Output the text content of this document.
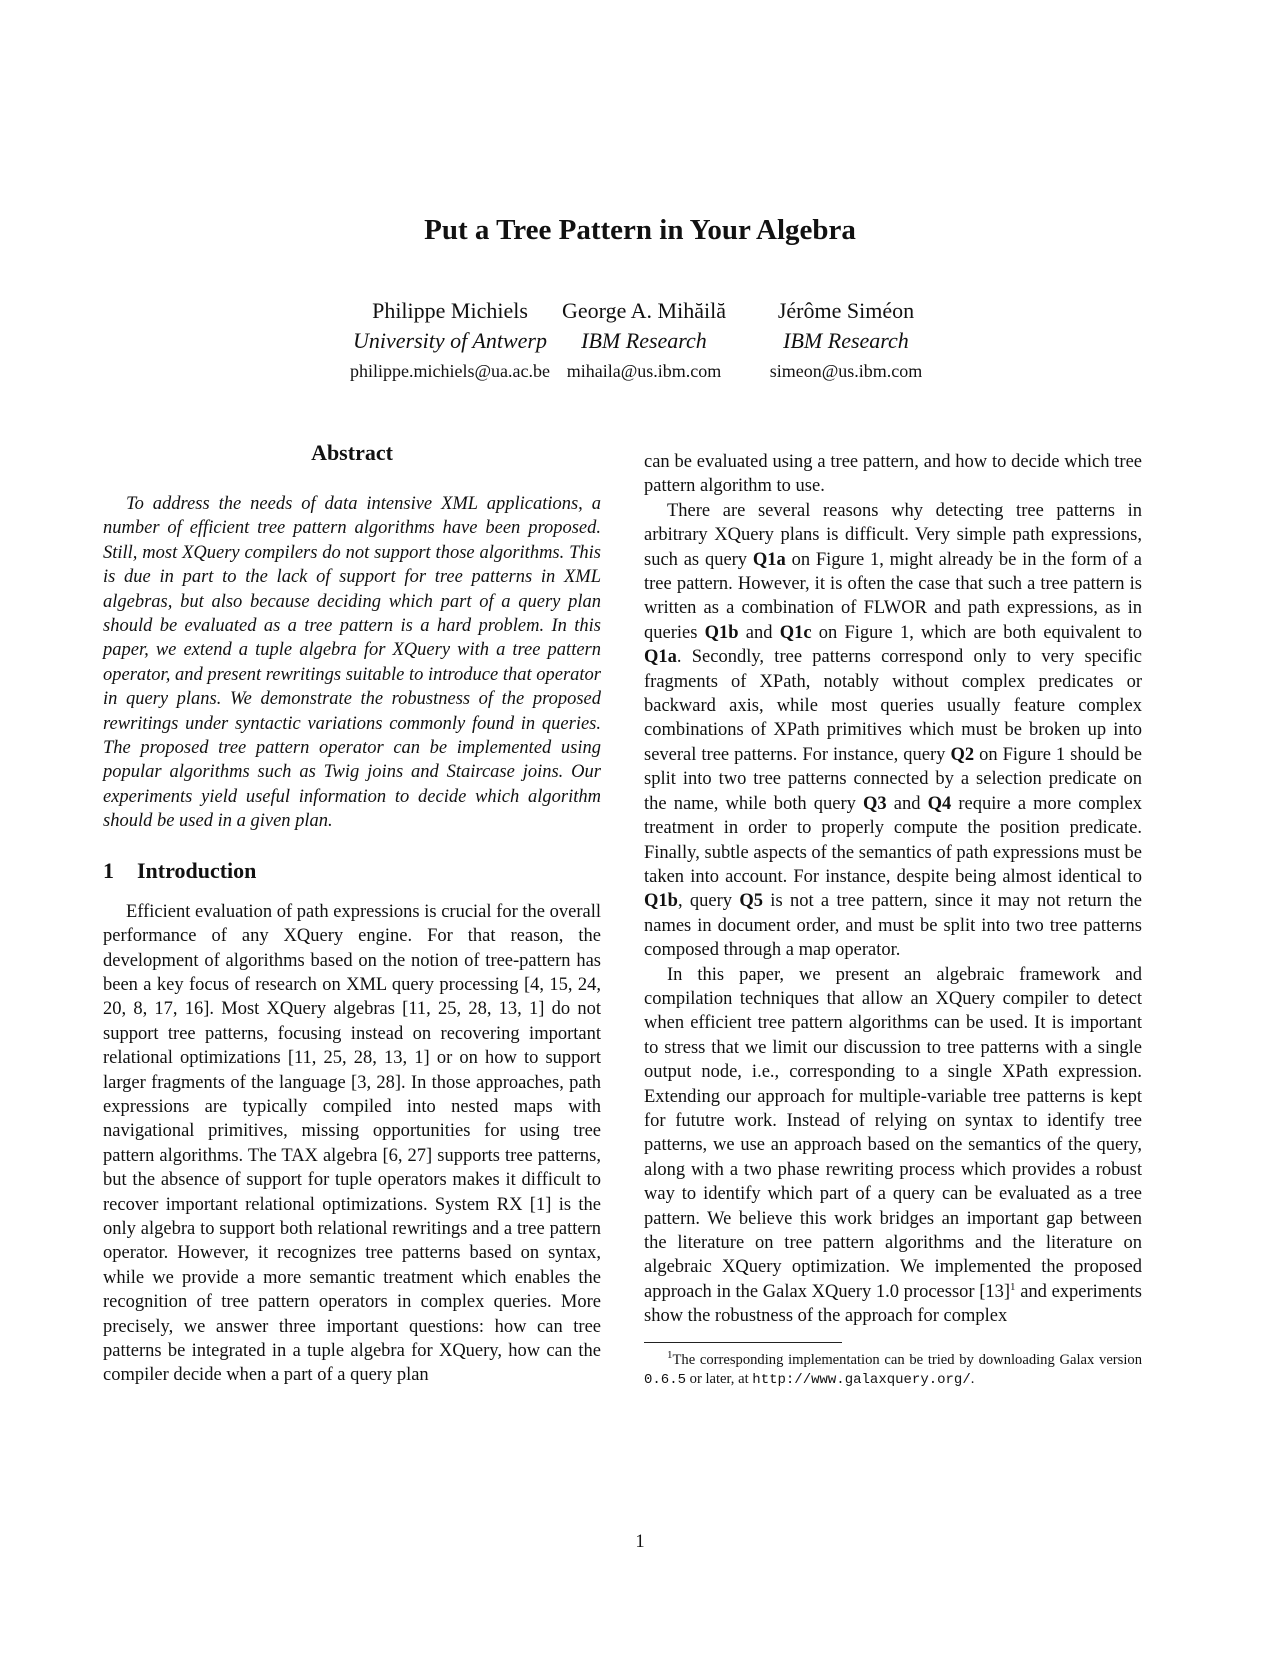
Put a Tree Pattern in Your Algebra
Philippe Michiels
University of Antwerp
philippe.michiels@ua.ac.be
George A. Mihăilă
IBM Research
mihaila@us.ibm.com
Jérôme Siméon
IBM Research
simeon@us.ibm.com
Abstract

To address the needs of data intensive XML applications, a number of efficient tree pattern algorithms have been proposed. Still, most XQuery compilers do not support those algorithms. This is due in part to the lack of support for tree patterns in XML algebras, but also because deciding which part of a query plan should be evaluated as a tree pattern is a hard problem. In this paper, we extend a tuple algebra for XQuery with a tree pattern operator, and present rewritings suitable to introduce that operator in query plans. We demonstrate the robustness of the proposed rewritings under syntactic variations commonly found in queries. The proposed tree pattern operator can be implemented using popular algorithms such as Twig joins and Staircase joins. Our experiments yield useful information to decide which algorithm should be used in a given plan.

1 Introduction

Efficient evaluation of path expressions is crucial for the overall performance of any XQuery engine. For that reason, the development of algorithms based on the notion of tree-pattern has been a key focus of research on XML query processing [4, 15, 24, 20, 8, 17, 16]. Most XQuery algebras [11, 25, 28, 13, 1] do not support tree patterns, focusing instead on recovering important relational optimizations [11, 25, 28, 13, 1] or on how to support larger fragments of the language [3, 28]. In those approaches, path expressions are typically compiled into nested maps with navigational primitives, missing opportunities for using tree pattern algorithms. The TAX algebra [6, 27] supports tree patterns, but the absence of support for tuple operators makes it difficult to recover important relational optimizations. System RX [1] is the only algebra to support both relational rewritings and a tree pattern operator. However, it recognizes tree patterns based on syntax, while we provide a more semantic treatment which enables the recognition of tree pattern operators in complex queries. More precisely, we answer three important questions: how can tree patterns be integrated in a tuple algebra for XQuery, how can the compiler decide when a part of a query plan

can be evaluated using a tree pattern, and how to decide which tree pattern algorithm to use.

There are several reasons why detecting tree patterns in arbitrary XQuery plans is difficult. Very simple path expressions, such as query Q1a on Figure 1, might already be in the form of a tree pattern. However, it is often the case that such a tree pattern is written as a combination of FLWOR and path expressions, as in queries Q1b and Q1c on Figure 1, which are both equivalent to Q1a. Secondly, tree patterns correspond only to very specific fragments of XPath, notably without complex predicates or backward axis, while most queries usually feature complex combinations of XPath primitives which must be broken up into several tree patterns. For instance, query Q2 on Figure 1 should be split into two tree patterns connected by a selection predicate on the name, while both query Q3 and Q4 require a more complex treatment in order to properly compute the position predicate. Finally, subtle aspects of the semantics of path expressions must be taken into account. For instance, despite being almost identical to Q1b, query Q5 is not a tree pattern, since it may not return the names in document order, and must be split into two tree patterns composed through a map operator.

In this paper, we present an algebraic framework and compilation techniques that allow an XQuery compiler to detect when efficient tree pattern algorithms can be used. It is important to stress that we limit our discussion to tree patterns with a single output node, i.e., corresponding to a single XPath expression. Extending our approach for multiple-variable tree patterns is kept for fututre work. Instead of relying on syntax to identify tree patterns, we use an approach based on the semantics of the query, along with a two phase rewriting process which provides a robust way to identify which part of a query can be evaluated as a tree pattern. We believe this work bridges an important gap between the literature on tree pattern algorithms and the literature on algebraic XQuery optimization. We implemented the proposed approach in the Galax XQuery 1.0 processor $[13]^1$ and experiments show the robustness of the approach for complex

$^1$The corresponding implementation can be tried by downloading Galax version 0.6.5 or later, at http://www.galaxquery.org/.
1
